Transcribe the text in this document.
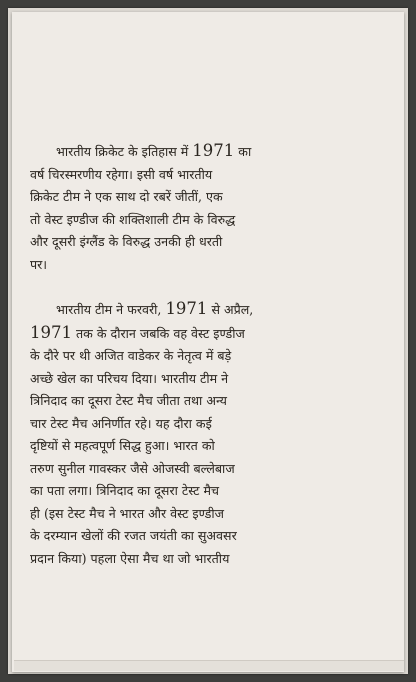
भारतीय क्रिकेट के इतिहास में 1971 का
वर्ष चिरस्मरणीय रहेगा। इसी वर्ष भारतीय
क्रिकेट टीम ने एक साथ दो रबरें जीतीं, एक
तो वेस्ट इण्डीज की शक्तिशाली टीम के विरुद्ध
और दूसरी इंग्लैंड के विरुद्ध उनकी ही धरती
पर।

भारतीय टीम ने फरवरी, 1971 से अप्रैल,
1971 तक के दौरान जबकि वह वेस्ट इण्डीज
के दौरे पर थी अजित वाडेकर के नेतृत्व में बड़े
अच्छे खेल का परिचय दिया। भारतीय टीम ने
त्रिनिदाद का दूसरा टेस्ट मैच जीता तथा अन्य
चार टेस्ट मैच अनिर्णीत रहे। यह दौरा कई
दृष्टियों से महत्वपूर्ण सिद्ध हुआ। भारत को
तरुण सुनील गावस्कर जैसे ओजस्वी बल्लेबाज
का पता लगा। त्रिनिदाद का दूसरा टेस्ट मैच
ही (इस टेस्ट मैच ने भारत और वेस्ट इण्डीज
के दरम्यान खेलों की रजत जयंती का सुअवसर
प्रदान किया) पहला ऐसा मैच था जो भारतीय
